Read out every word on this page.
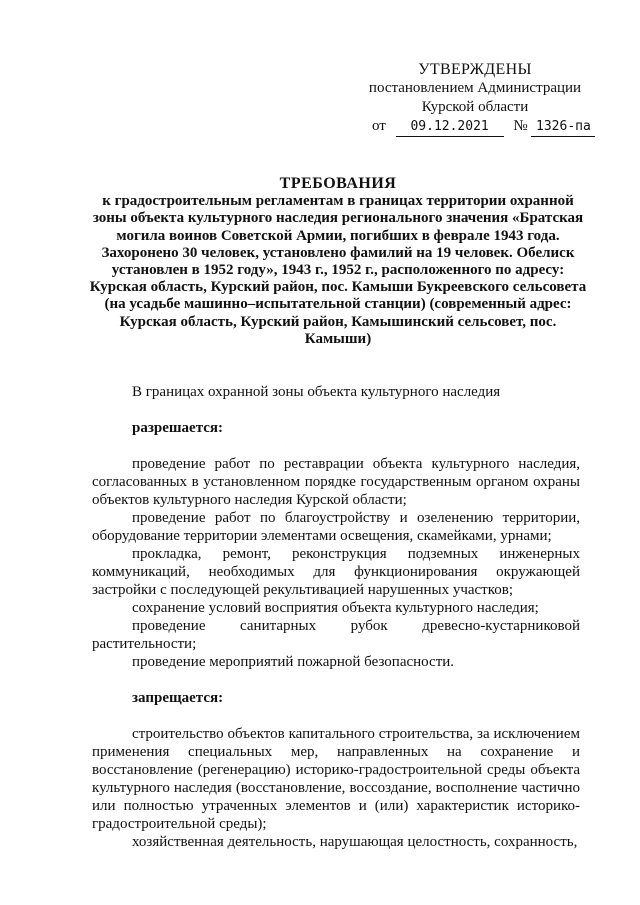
УТВЕРЖДЕНЫ
постановлением Администрации
Курской области
от 09.12.2021 № 1326-па
ТРЕБОВАНИЯ
к градостроительным регламентам в границах территории охранной зоны объекта культурного наследия регионального значения «Братская могила воинов Советской Армии, погибших в феврале 1943 года. Захоронено 30 человек, установлено фамилий на 19 человек. Обелиск установлен в 1952 году», 1943 г., 1952 г., расположенного по адресу: Курская область, Курский район, пос. Камыши Букреевского сельсовета (на усадьбе машинно–испытательной станции) (современный адрес: Курская область, Курский район, Камышинский сельсовет, пос. Камыши)

В границах охранной зоны объекта культурного наследия

разрешается:

проведение работ по реставрации объекта культурного наследия, согласованных в установленном порядке государственным органом охраны объектов культурного наследия Курской области;

проведение работ по благоустройству и озеленению территории, оборудование территории элементами освещения, скамейками, урнами;

прокладка, ремонт, реконструкция подземных инженерных коммуникаций, необходимых для функционирования окружающей застройки с последующей рекультивацией нарушенных участков;

сохранение условий восприятия объекта культурного наследия;

проведение санитарных рубок древесно-кустарниковой растительности;

проведение мероприятий пожарной безопасности.

запрещается:

строительство объектов капитального строительства, за исключением применения специальных мер, направленных на сохранение и восстановление (регенерацию) историко-градостроительной среды объекта культурного наследия (восстановление, воссоздание, восполнение частично или полностью утраченных элементов и (или) характеристик историко-градостроительной среды);

хозяйственная деятельность, нарушающая целостность, сохранность,
